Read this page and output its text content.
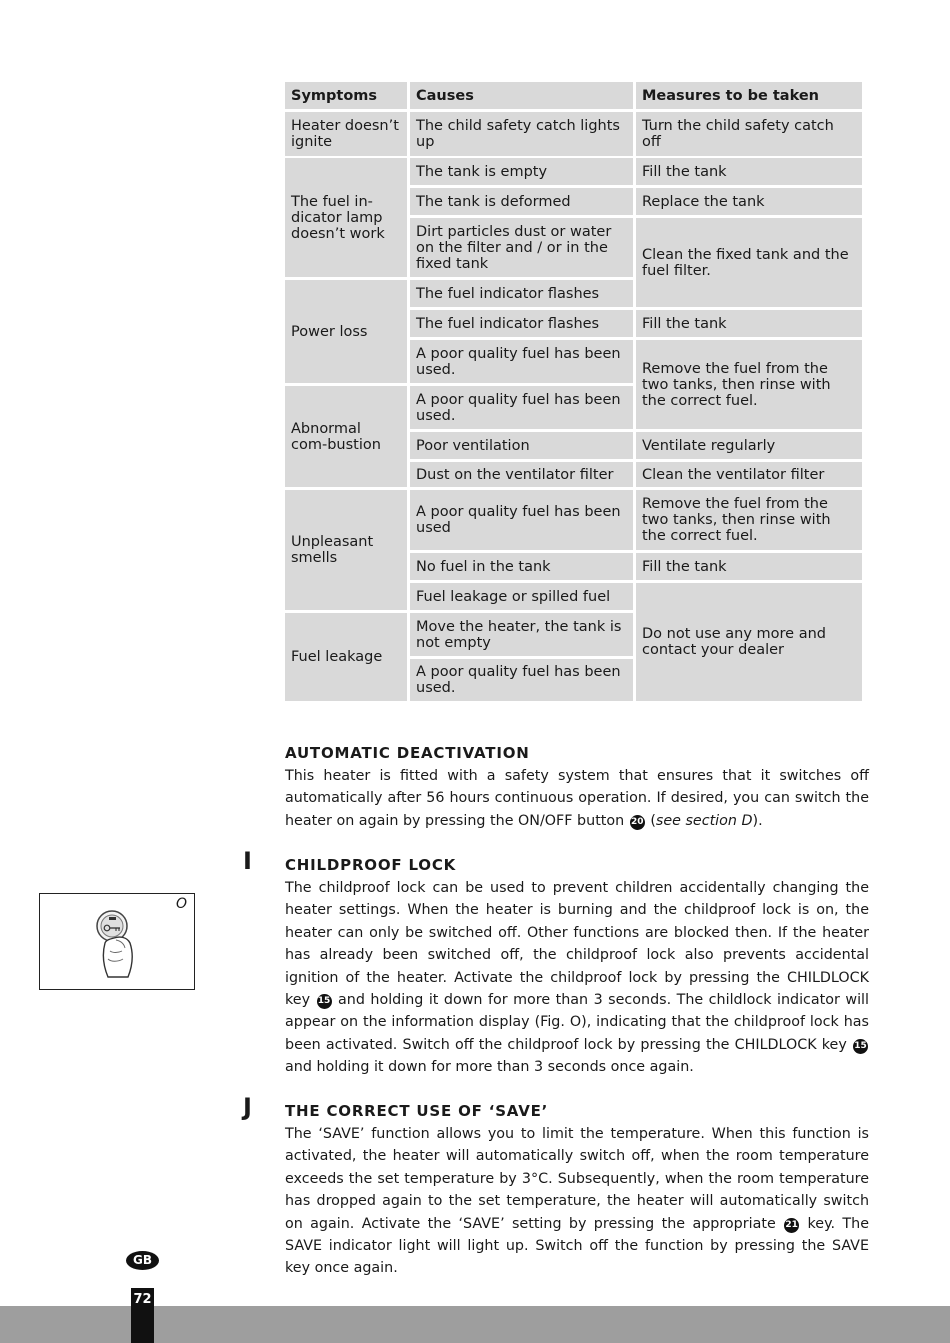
Symptoms	Causes	Measures to be taken
Heater doesn’t ignite
The fuel in-dicator lamp doesn’t work
Power loss
Abnormal com-bustion
Unpleasant smells
Fuel leakage
The child safety catch lights up
The tank is empty
The tank is deformed
Dirt particles dust or water on the filter and / or in the fixed tank
The fuel indicator flashes
The fuel indicator flashes
A poor quality fuel has been used.
A poor quality fuel has been used.
Poor ventilation
Dust on the ventilator filter
A poor quality fuel has been used
No fuel in the tank
Fuel leakage or spilled fuel
Move the heater, the tank is not empty
A poor quality fuel has been used.
Turn the child safety catch off
Fill the tank
Replace the tank
Clean the fixed tank and the fuel filter.
Fill the tank
Remove the fuel from the two tanks, then rinse with the correct fuel.
Ventilate regularly
Clean the ventilator filter
Remove the fuel from the two tanks, then rinse with the correct fuel.
Fill the tank
Do not use any more and contact your dealer
AUTOMATIC DEACTIVATION

This heater is fitted with a safety system that ensures that it switches off automatically after 56 hours continuous operation. If desired, you can switch the heater on again by pressing the ON/OFF button 20 (see section D).

I CHILDPROOF LOCK

The childproof lock can be used to prevent children accidentally changing the heater settings. When the heater is burning and the childproof lock is on, the heater can only be switched off. Other functions are blocked then. If the heater has already been switched off, the childproof lock also prevents accidental ignition of the heater. Activate the childproof lock by pressing the CHILDLOCK key 15 and holding it down for more than 3 seconds. The childlock indicator will appear on the information display (Fig. O), indicating that the childproof lock has been activated. Switch off the childproof lock by pressing the CHILDLOCK key 15 and holding it down for more than 3 seconds once again.

O
J THE CORRECT USE OF ‘SAVE’

The ‘SAVE’ function allows you to limit the temperature. When this function is activated, the heater will automatically switch off, when the room temperature exceeds the set temperature by 3°C. Subsequently, when the room temperature has dropped again to the set temperature, the heater will automatically switch on again. Activate the ‘SAVE’ setting by pressing the appropriate 21 key. The SAVE indicator light will light up. Switch off the function by pressing the SAVE key once again.

GB
72
